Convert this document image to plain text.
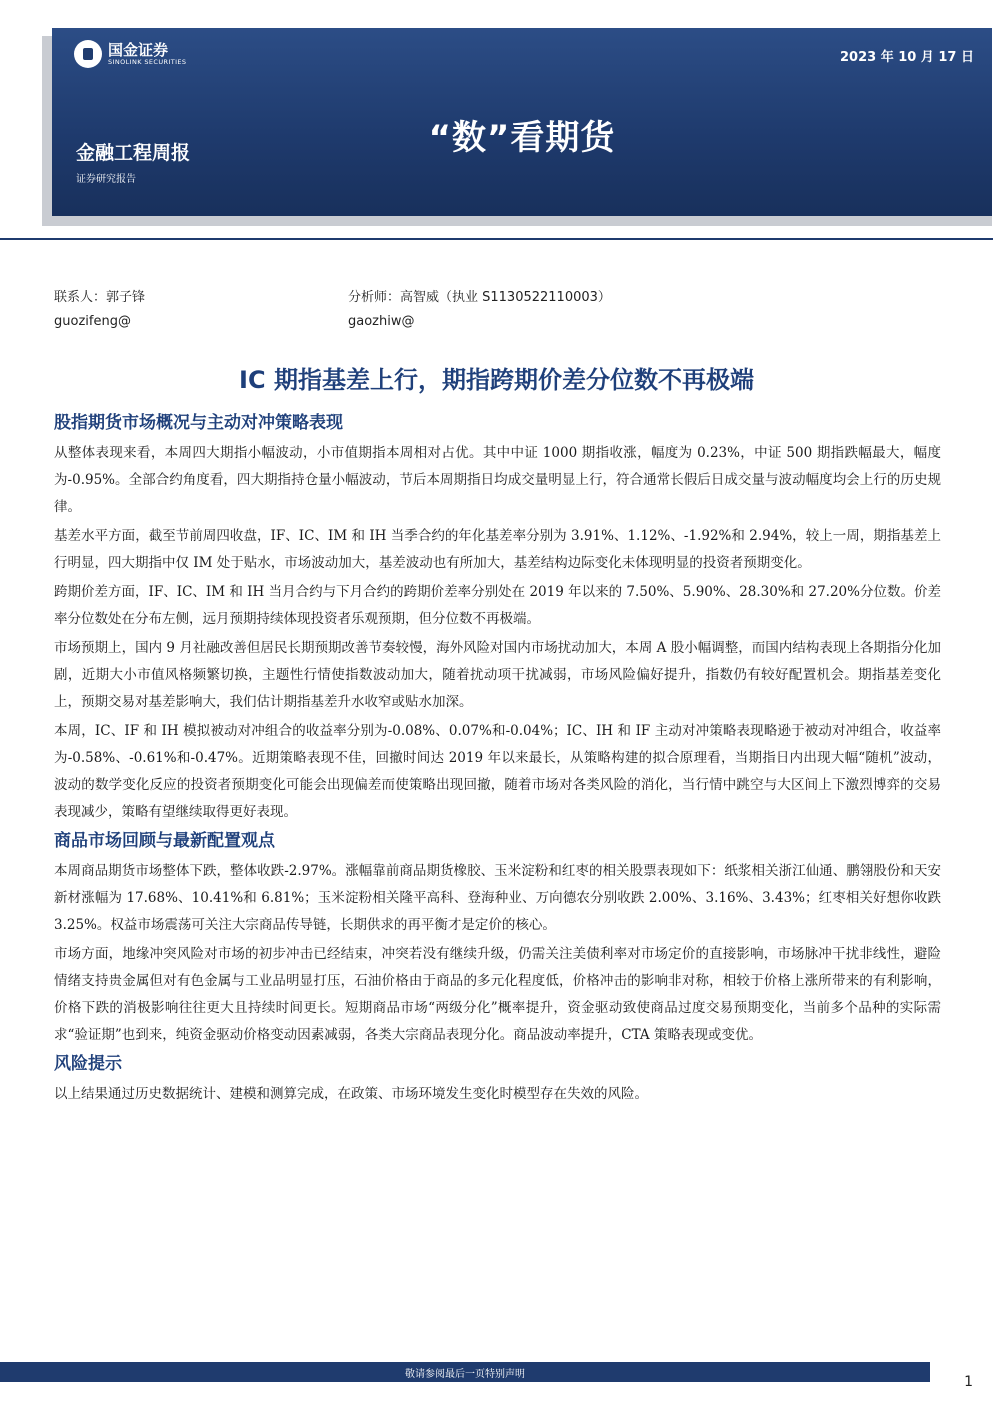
国金证券
SINOLINK SECURITIES	2023 年 10 月 17 日
“数”看期货
金融工程周报
证券研究报告
联系人：郭子锋
guozifeng@
分析师：高智威（执业 S1130522110003）
gaozhiw@
IC 期指基差上行，期指跨期价差分位数不再极端
股指期货市场概况与主动对冲策略表现

从整体表现来看，本周四大期指小幅波动，小市值期指本周相对占优。其中中证 1000 期指收涨，幅度为 0.23%，中证 500 期指跌幅最大，幅度为-0.95%。全部合约角度看，四大期指持仓量小幅波动，节后本周期指日均成交量明显上行，符合通常长假后日成交量与波动幅度均会上行的历史规律。

基差水平方面，截至节前周四收盘，IF、IC、IM 和 IH 当季合约的年化基差率分别为 3.91%、1.12%、-1.92%和 2.94%，较上一周，期指基差上行明显，四大期指中仅 IM 处于贴水，市场波动加大，基差波动也有所加大，基差结构边际变化未体现明显的投资者预期变化。

跨期价差方面，IF、IC、IM 和 IH 当月合约与下月合约的跨期价差率分别处在 2019 年以来的 7.50%、5.90%、28.30%和 27.20%分位数。价差率分位数处在分布左侧，远月预期持续体现投资者乐观预期，但分位数不再极端。

市场预期上，国内 9 月社融改善但居民长期预期改善节奏较慢，海外风险对国内市场扰动加大，本周 A 股小幅调整，而国内结构表现上各期指分化加剧，近期大小市值风格频繁切换，主题性行情使指数波动加大，随着扰动项干扰减弱，市场风险偏好提升，指数仍有较好配置机会。期指基差变化上，预期交易对基差影响大，我们估计期指基差升水收窄或贴水加深。

本周，IC、IF 和 IH 模拟被动对冲组合的收益率分别为-0.08%、0.07%和-0.04%；IC、IH 和 IF 主动对冲策略表现略逊于被动对冲组合，收益率为-0.58%、-0.61%和-0.47%。近期策略表现不佳，回撤时间达 2019 年以来最长，从策略构建的拟合原理看，当期指日内出现大幅“随机”波动，波动的数学变化反应的投资者预期变化可能会出现偏差而使策略出现回撤，随着市场对各类风险的消化，当行情中跳空与大区间上下激烈博弈的交易表现减少，策略有望继续取得更好表现。

商品市场回顾与最新配置观点

本周商品期货市场整体下跌，整体收跌-2.97%。涨幅靠前商品期货橡胶、玉米淀粉和红枣的相关股票表现如下：纸浆相关浙江仙通、鹏翎股份和天安新材涨幅为 17.68%、10.41%和 6.81%；玉米淀粉相关隆平高科、登海种业、万向德农分别收跌 2.00%、3.16%、3.43%；红枣相关好想你收跌 3.25%。权益市场震荡可关注大宗商品传导链，长期供求的再平衡才是定价的核心。

市场方面，地缘冲突风险对市场的初步冲击已经结束，冲突若没有继续升级，仍需关注美债利率对市场定价的直接影响，市场脉冲干扰非线性，避险情绪支持贵金属但对有色金属与工业品明显打压，石油价格由于商品的多元化程度低，价格冲击的影响非对称，相较于价格上涨所带来的有利影响，价格下跌的消极影响往往更大且持续时间更长。短期商品市场“两级分化”概率提升，资金驱动致使商品过度交易预期变化，当前多个品种的实际需求“验证期”也到来，纯资金驱动价格变动因素减弱，各类大宗商品表现分化。商品波动率提升，CTA 策略表现或变优。

风险提示

以上结果通过历史数据统计、建模和测算完成，在政策、市场环境发生变化时模型存在失效的风险。

敬请参阅最后一页特别声明	1
